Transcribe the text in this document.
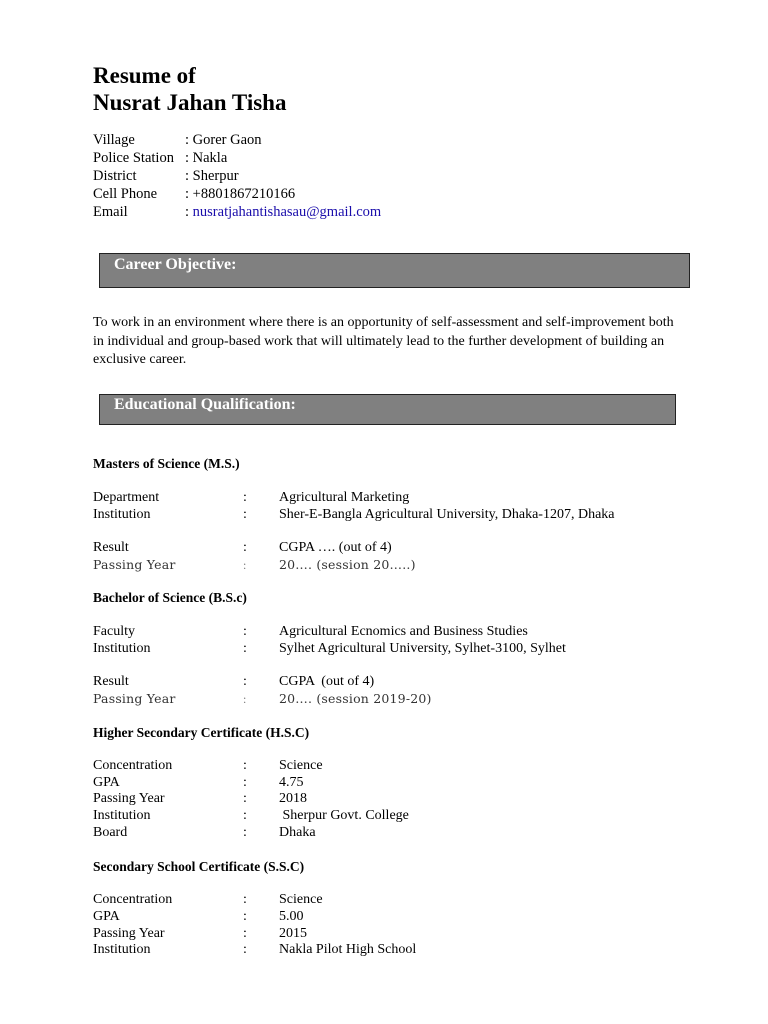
Resume of
Nusrat Jahan Tisha
Village	: Gorer Gaon
Police Station : Nakla
District	: Sherpur
Cell Phone : +8801867210166
Email	: nusratjahantishasau@gmail.com
Career Objective:
To work in an environment where there is an opportunity of self-assessment and self-improvement both in individual and group-based work that will ultimately lead to the further development of building an exclusive career.
Educational Qualification:
Masters of Science (M.S.)
Department	: Agricultural Marketing
Institution	: Sher-E-Bangla Agricultural University, Dhaka-1207, Dhaka
Result	: CGPA …. (out of 4)
Passing Year	:	20…. (session 20…..)
Bachelor of Science (B.S.c)
Faculty	: Agricultural Ecnomics and Business Studies
Institution	: Sylhet Agricultural University, Sylhet-3100, Sylhet
Result	: CGPA  (out of 4)
Passing Year	:	20…. (session 2019-20)
Higher Secondary Certificate (H.S.C)
Concentration	: Science
GPA	: 4.75
Passing Year	: 2018
Institution	: Sherpur Govt. College
Board	: Dhaka
Secondary School Certificate (S.S.C)
Concentration	: Science
GPA	: 5.00
Passing Year	: 2015
Institution	: Nakla Pilot High School
